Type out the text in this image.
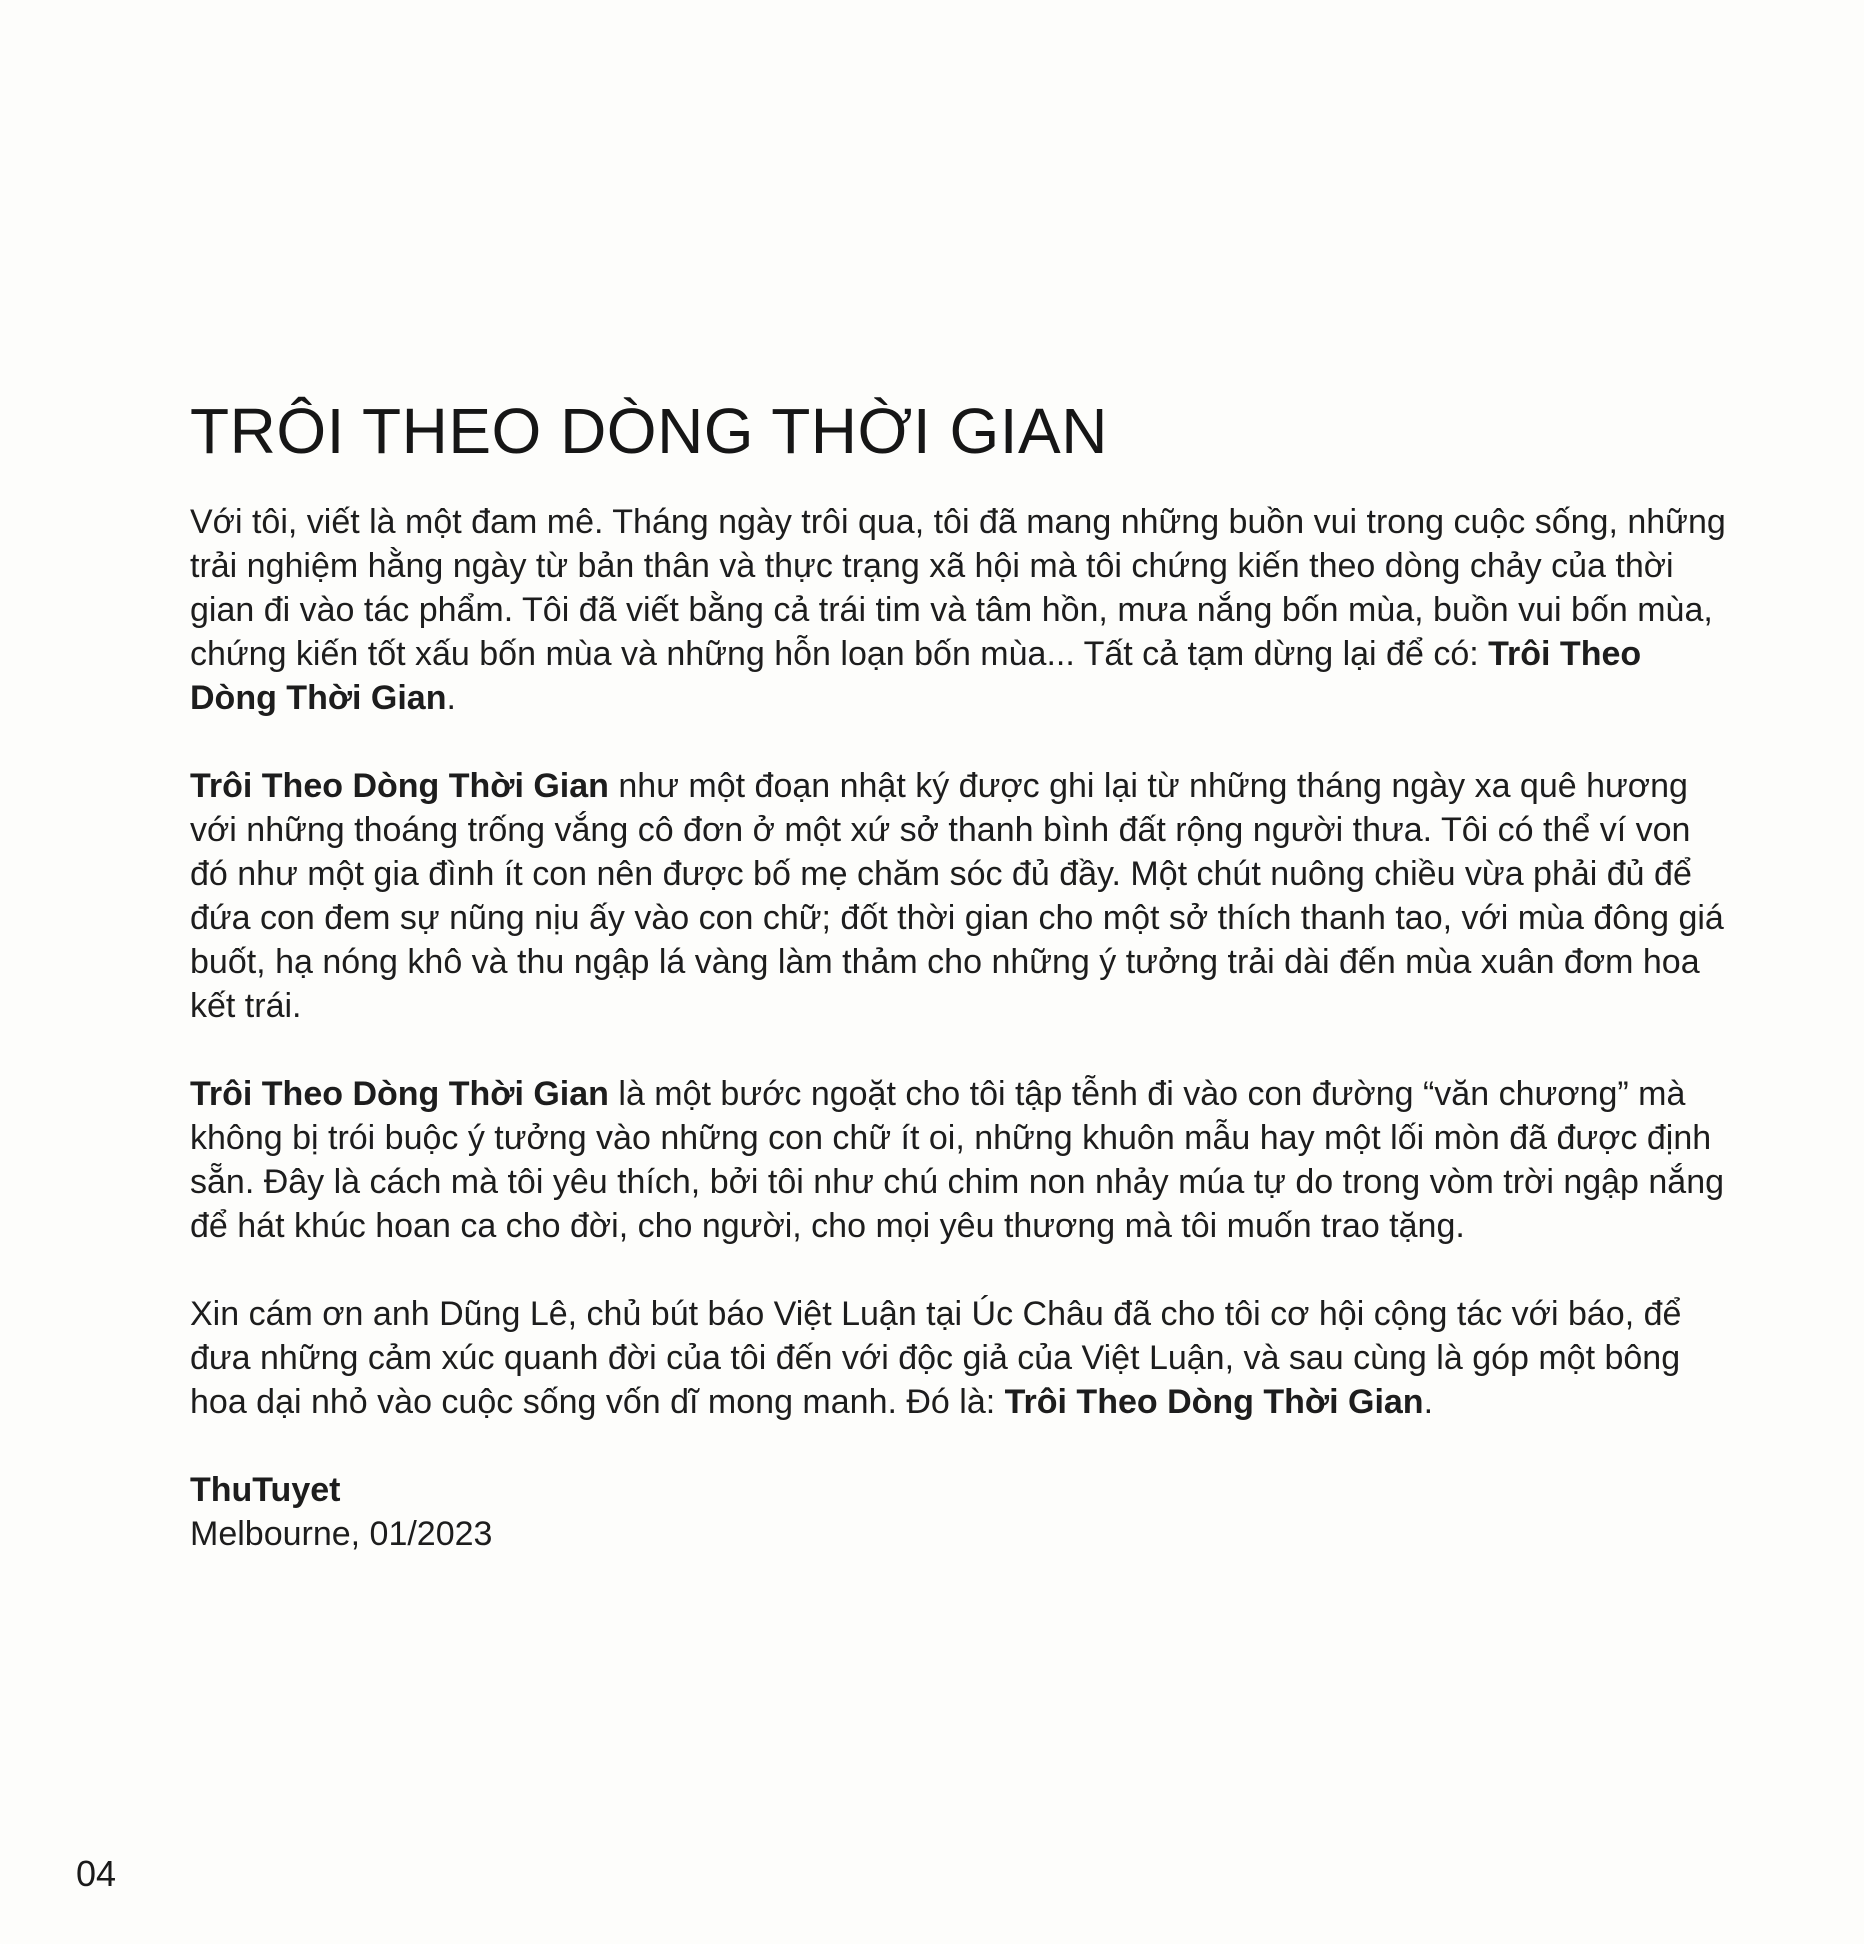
TRÔI THEO DÒNG THỜI GIAN

Với tôi, viết là một đam mê. Tháng ngày trôi qua, tôi đã mang những buồn vui trong cuộc sống, những trải nghiệm hằng ngày từ bản thân và thực trạng xã hội mà tôi chứng kiến theo dòng chảy của thời gian đi vào tác phẩm. Tôi đã viết bằng cả trái tim và tâm hồn, mưa nắng bốn mùa, buồn vui bốn mùa, chứng kiến tốt xấu bốn mùa và những hỗn loạn bốn mùa... Tất cả tạm dừng lại để có: Trôi Theo Dòng Thời Gian.

Trôi Theo Dòng Thời Gian như một đoạn nhật ký được ghi lại từ những tháng ngày xa quê hương với những thoáng trống vắng cô đơn ở một xứ sở thanh bình đất rộng người thưa. Tôi có thể ví von đó như một gia đình ít con nên được bố mẹ chăm sóc đủ đầy. Một chút nuông chiều vừa phải đủ để đứa con đem sự nũng nịu ấy vào con chữ; đốt thời gian cho một sở thích thanh tao, với mùa đông giá buốt, hạ nóng khô và thu ngập lá vàng làm thảm cho những ý tưởng trải dài đến mùa xuân đơm hoa kết trái.

Trôi Theo Dòng Thời Gian là một bước ngoặt cho tôi tập tễnh đi vào con đường “văn chương” mà không bị trói buộc ý tưởng vào những con chữ ít oi, những khuôn mẫu hay một lối mòn đã được định sẵn. Đây là cách mà tôi yêu thích, bởi tôi như chú chim non nhảy múa tự do trong vòm trời ngập nắng để hát khúc hoan ca cho đời, cho người, cho mọi yêu thương mà tôi muốn trao tặng.

Xin cám ơn anh Dũng Lê, chủ bút báo Việt Luận tại Úc Châu đã cho tôi cơ hội cộng tác với báo, để đưa những cảm xúc quanh đời của tôi đến với độc giả của Việt Luận, và sau cùng là góp một bông hoa dại nhỏ vào cuộc sống vốn dĩ mong manh. Đó là: Trôi Theo Dòng Thời Gian.

ThuTuyet
Melbourne, 01/2023

04
